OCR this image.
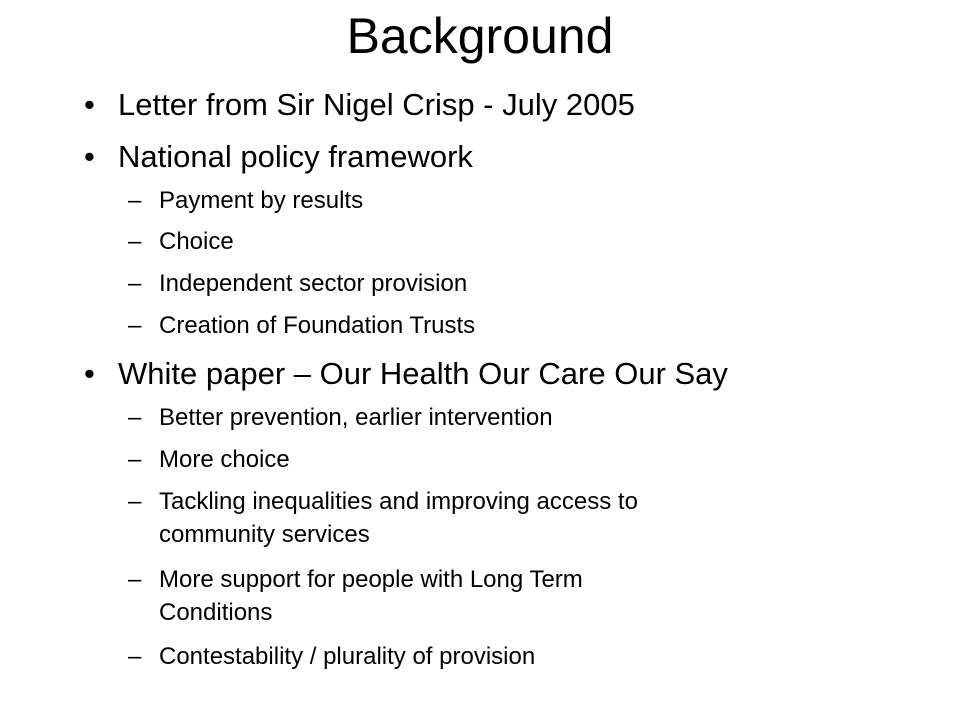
Background
• Letter from Sir Nigel Crisp - July 2005
• National policy framework
– Payment by results
– Choice
– Independent sector provision
– Creation of Foundation Trusts
• White paper – Our Health Our Care Our Say
– Better prevention, earlier intervention
– More choice
– Tackling inequalities and improving access to
community services
– More support for people with Long Term
Conditions
– Contestability / plurality of provision
